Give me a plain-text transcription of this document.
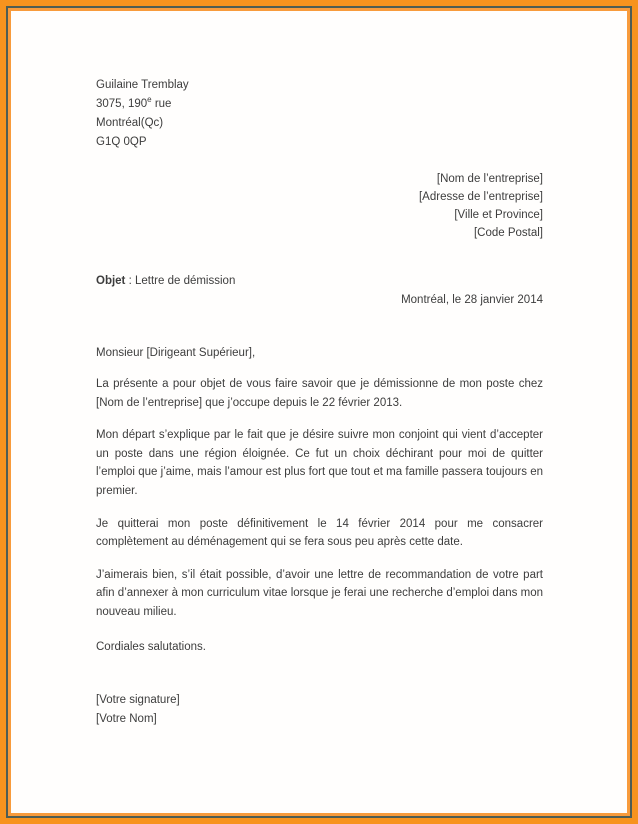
Guilaine Tremblay
3075, 190e rue
Montréal(Qc)
G1Q 0QP
[Nom de l’entreprise]
[Adresse de l’entreprise]
[Ville et Province]
[Code Postal]
Objet : Lettre de démission
Montréal, le 28 janvier 2014

Monsieur [Dirigeant Supérieur],

La présente a pour objet de vous faire savoir que je démissionne de mon poste chez [Nom de l’entreprise] que j’occupe depuis le 22 février 2013.

Mon départ s’explique par le fait que je désire suivre mon conjoint qui vient d’accepter un poste dans une région éloignée. Ce fut un choix déchirant pour moi de quitter l’emploi que j’aime, mais l’amour est plus fort que tout et ma famille passera toujours en premier.

Je quitterai mon poste définitivement le 14 février 2014 pour me consacrer complètement au déménagement qui se fera sous peu après cette date.

J’aimerais bien, s’il était possible, d’avoir une lettre de recommandation de votre part afin d’annexer à mon curriculum vitae lorsque je ferai une recherche d’emploi dans mon nouveau milieu.

Cordiales salutations.

[Votre signature]
[Votre Nom]
